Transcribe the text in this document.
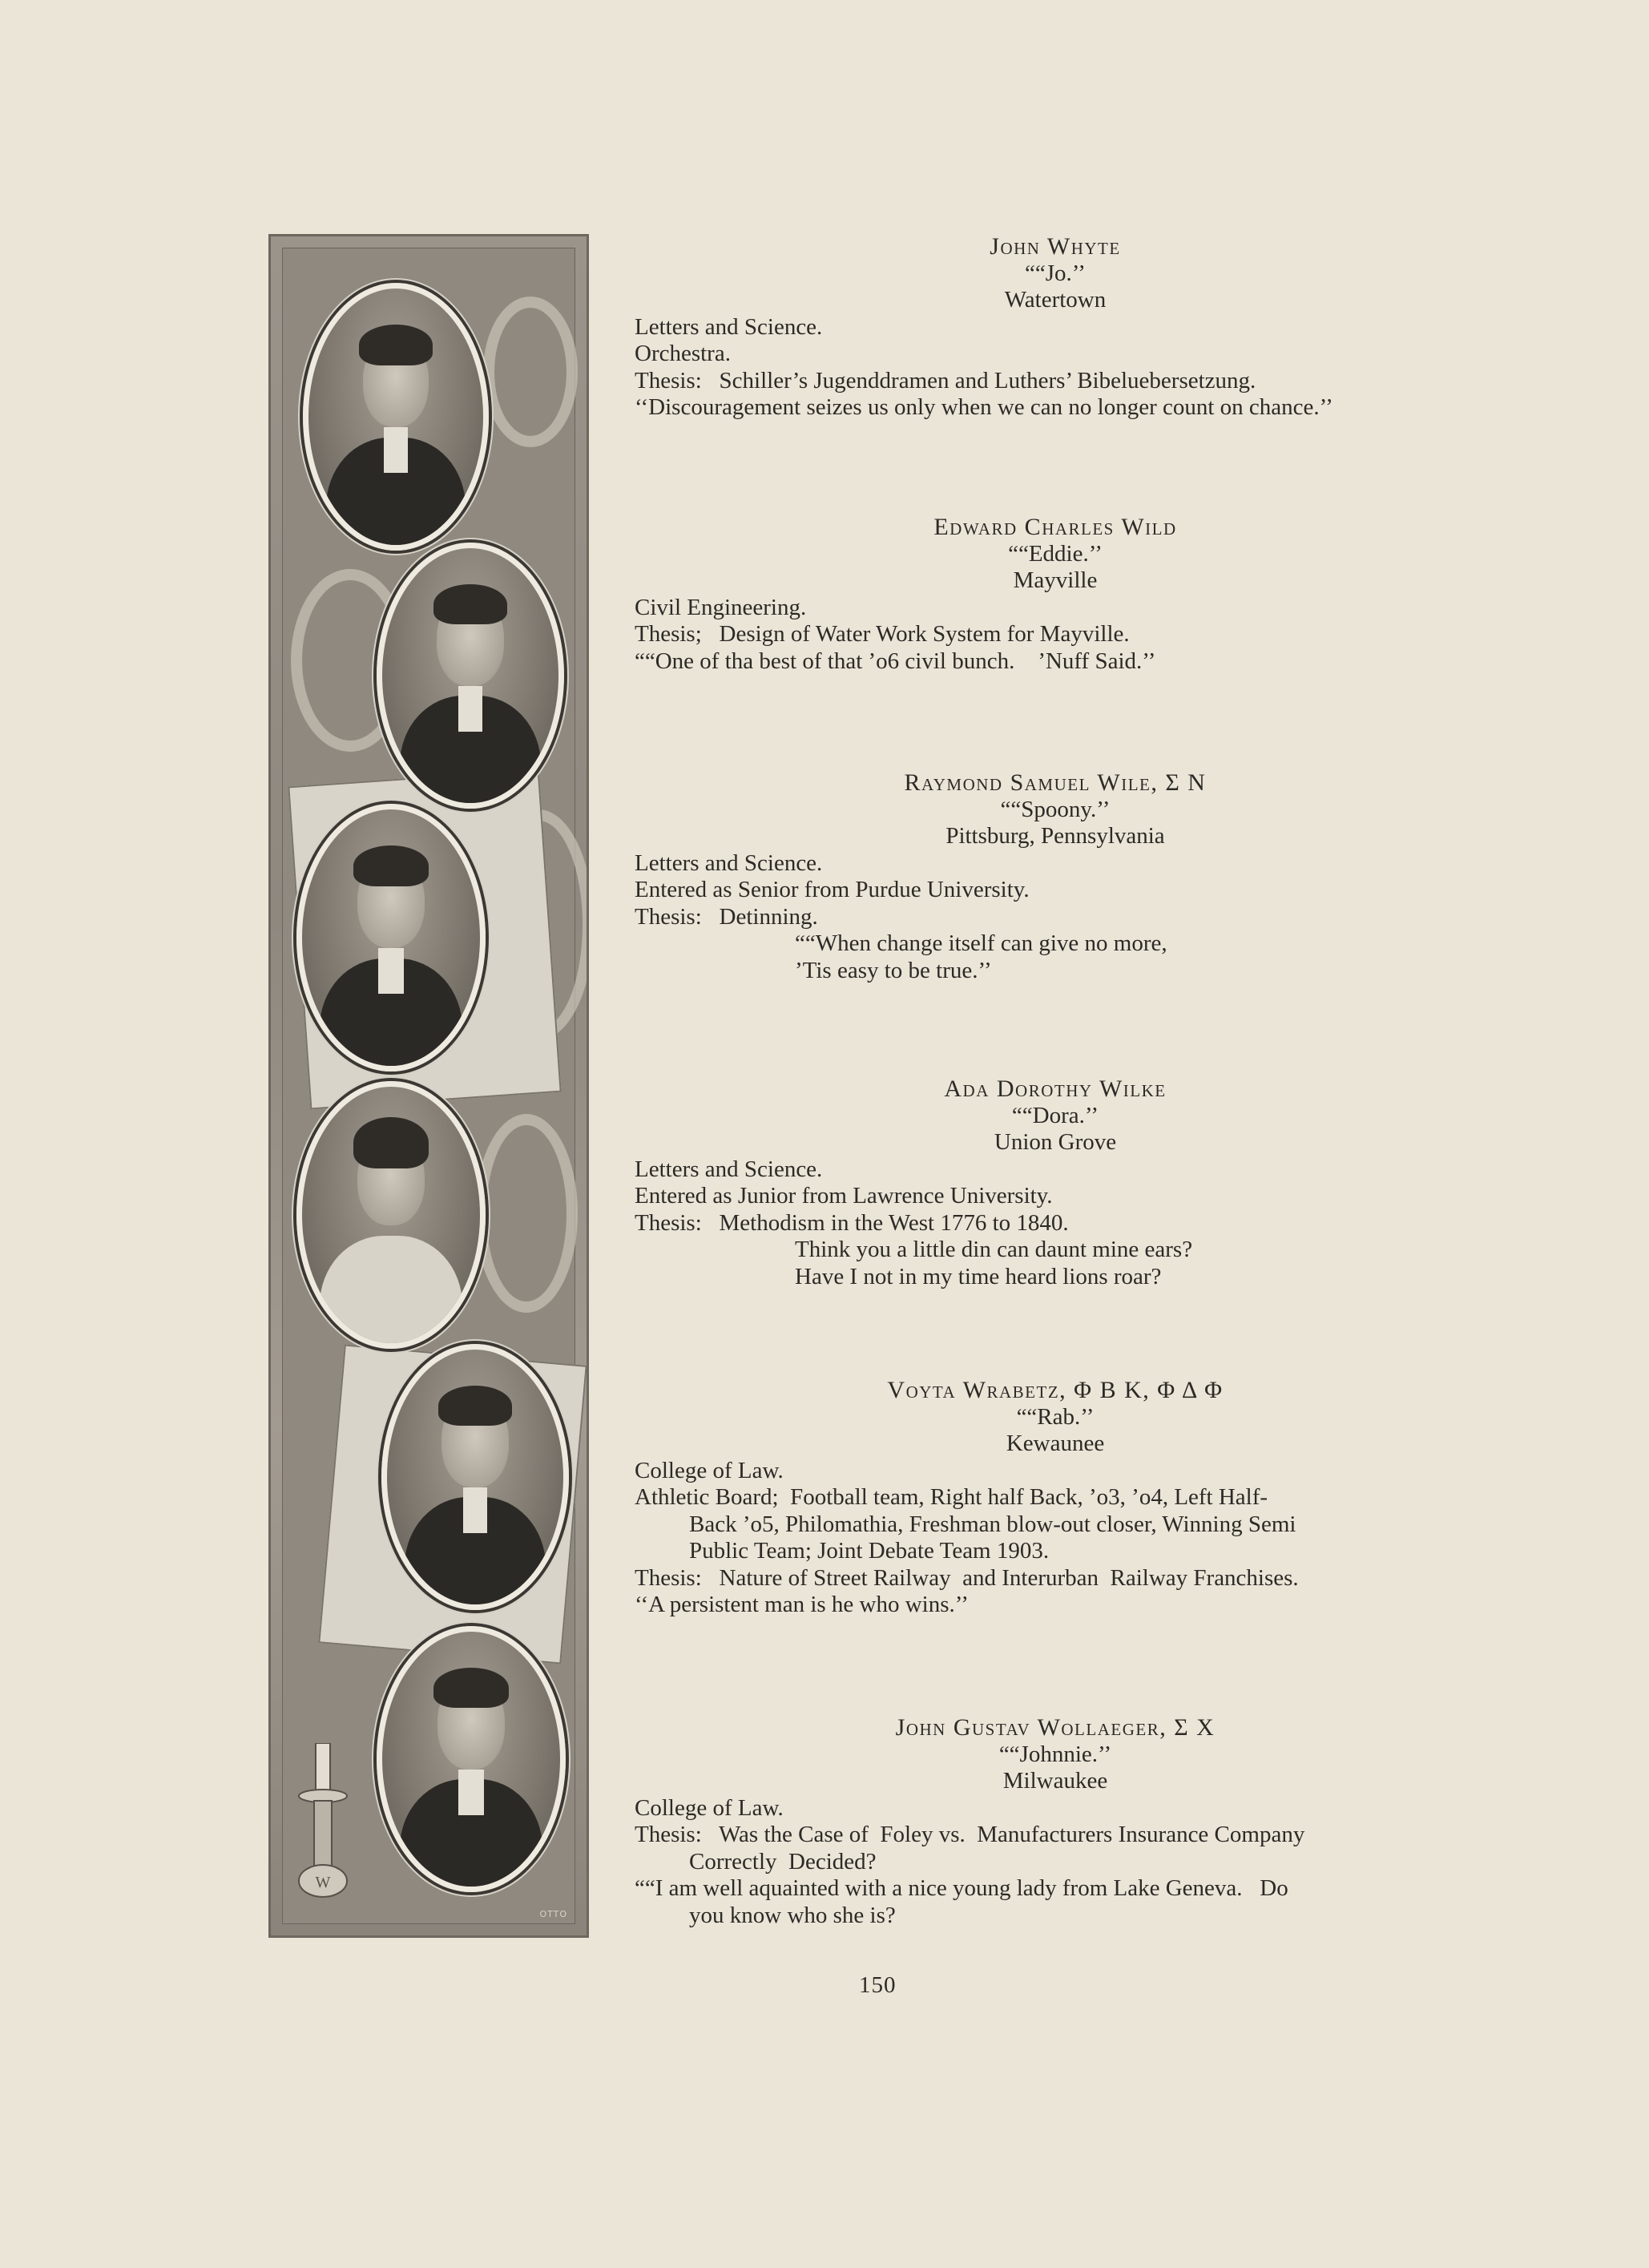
W
OTTO
John Whyte
““Jo.’’
Watertown
Letters and Science.
Orchestra.
Thesis:   Schiller’s Jugenddramen and Luthers’ Bibeluebersetzung.
‘‘Discouragement seizes us only when we can no longer count on chance.’’
Edward Charles Wild
““Eddie.’’
Mayville
Civil Engineering.
Thesis;   Design of Water Work System for Mayville.
““One of tha best of that ’o6 civil bunch.    ’Nuff Said.’’
Raymond Samuel Wile, Σ N
““Spoony.’’
Pittsburg, Pennsylvania
Letters and Science.
Entered as Senior from Purdue University.
Thesis:   Detinning.
““When change itself can give no more,
’Tis easy to be true.’’
Ada Dorothy Wilke
““Dora.’’
Union Grove
Letters and Science.
Entered as Junior from Lawrence University.
Thesis:   Methodism in the West 1776 to 1840.
Think you a little din can daunt mine ears?
Have I not in my time heard lions roar?
Voyta Wrabetz, Φ B K, Φ Δ Φ
““Rab.’’
Kewaunee
College of Law.
Athletic Board;  Football team, Right half Back, ’o3, ’o4, Left Half-
Back ’o5, Philomathia, Freshman blow-out closer, Winning Semi
Public Team; Joint Debate Team 1903.
Thesis:   Nature of Street Railway  and Interurban  Railway Franchises.
‘‘A persistent man is he who wins.’’
John Gustav Wollaeger, Σ X
““Johnnie.’’
Milwaukee
College of Law.
Thesis:   Was the Case of  Foley vs.  Manufacturers Insurance Company
Correctly  Decided?
““I am well aquainted with a nice young lady from Lake Geneva.   Do
you know who she is?
150
